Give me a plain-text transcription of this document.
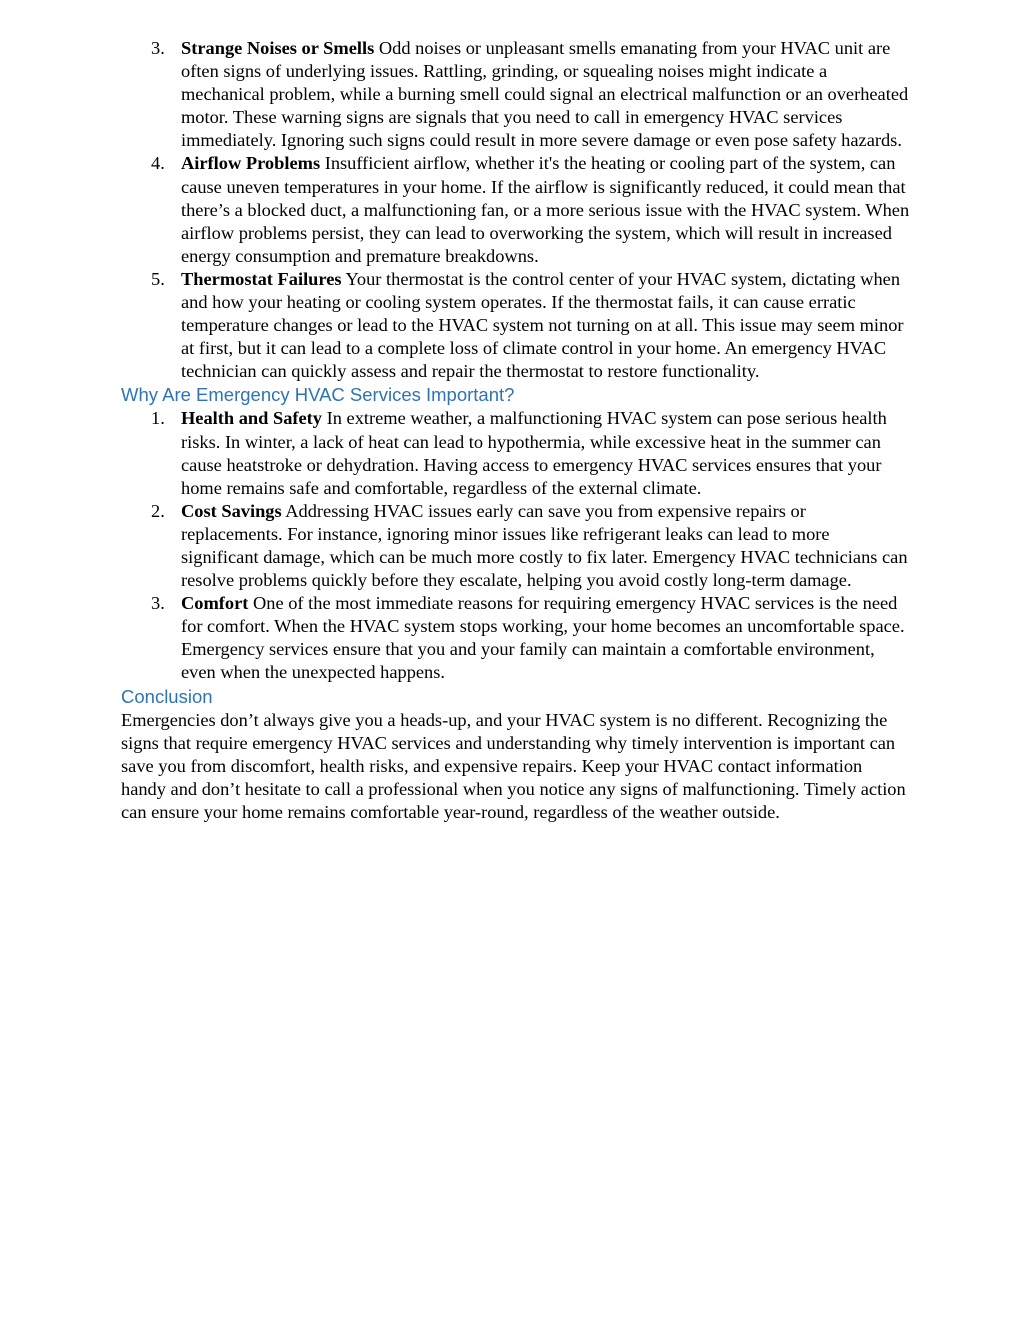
3. Strange Noises or Smells Odd noises or unpleasant smells emanating from your HVAC unit are often signs of underlying issues. Rattling, grinding, or squealing noises might indicate a mechanical problem, while a burning smell could signal an electrical malfunction or an overheated motor. These warning signs are signals that you need to call in emergency HVAC services immediately. Ignoring such signs could result in more severe damage or even pose safety hazards.
4. Airflow Problems Insufficient airflow, whether it's the heating or cooling part of the system, can cause uneven temperatures in your home. If the airflow is significantly reduced, it could mean that there’s a blocked duct, a malfunctioning fan, or a more serious issue with the HVAC system. When airflow problems persist, they can lead to overworking the system, which will result in increased energy consumption and premature breakdowns.
5. Thermostat Failures Your thermostat is the control center of your HVAC system, dictating when and how your heating or cooling system operates. If the thermostat fails, it can cause erratic temperature changes or lead to the HVAC system not turning on at all. This issue may seem minor at first, but it can lead to a complete loss of climate control in your home. An emergency HVAC technician can quickly assess and repair the thermostat to restore functionality.
Why Are Emergency HVAC Services Important?
1. Health and Safety In extreme weather, a malfunctioning HVAC system can pose serious health risks. In winter, a lack of heat can lead to hypothermia, while excessive heat in the summer can cause heatstroke or dehydration. Having access to emergency HVAC services ensures that your home remains safe and comfortable, regardless of the external climate.
2. Cost Savings Addressing HVAC issues early can save you from expensive repairs or replacements. For instance, ignoring minor issues like refrigerant leaks can lead to more significant damage, which can be much more costly to fix later. Emergency HVAC technicians can resolve problems quickly before they escalate, helping you avoid costly long-term damage.
3. Comfort One of the most immediate reasons for requiring emergency HVAC services is the need for comfort. When the HVAC system stops working, your home becomes an uncomfortable space. Emergency services ensure that you and your family can maintain a comfortable environment, even when the unexpected happens.
Conclusion

Emergencies don’t always give you a heads-up, and your HVAC system is no different. Recognizing the signs that require emergency HVAC services and understanding why timely intervention is important can save you from discomfort, health risks, and expensive repairs. Keep your HVAC contact information handy and don’t hesitate to call a professional when you notice any signs of malfunctioning. Timely action can ensure your home remains comfortable year-round, regardless of the weather outside.
